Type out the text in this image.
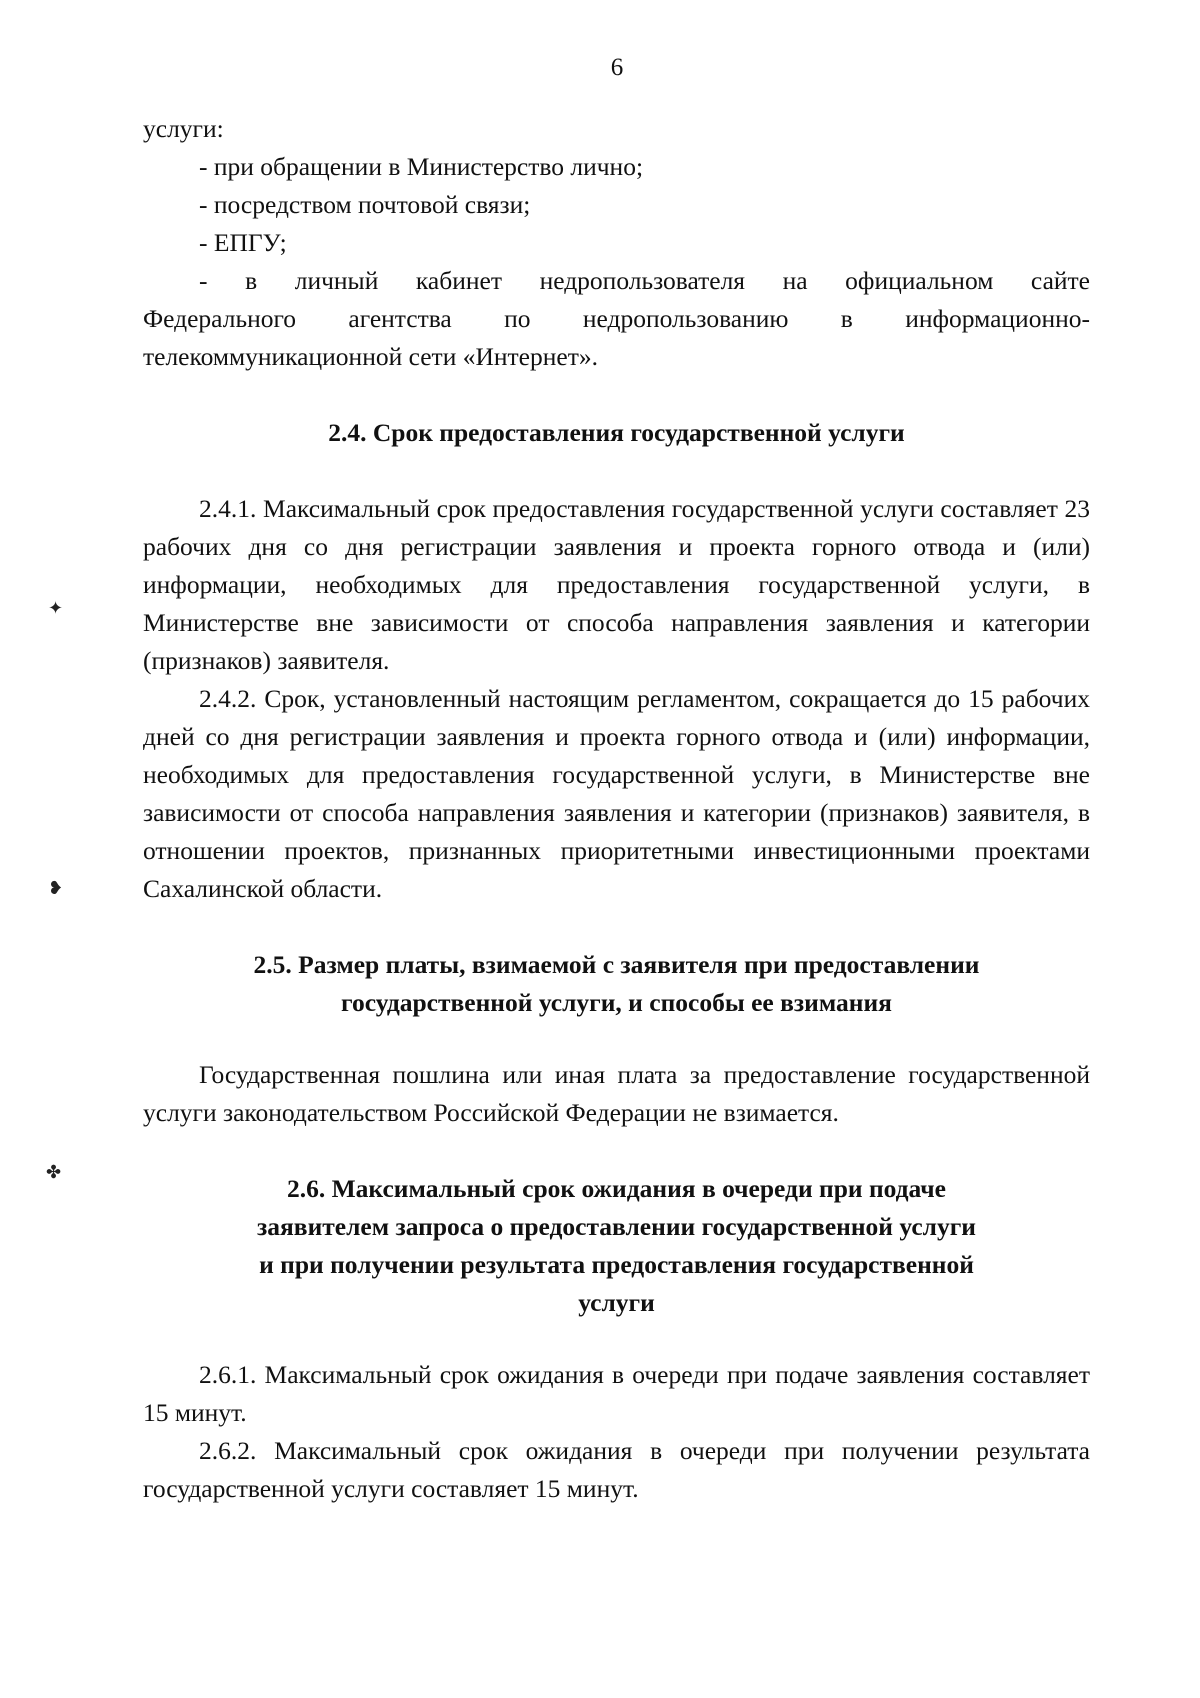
6

услуги:

- при обращении в Министерство лично;

- посредством почтовой связи;

- ЕПГУ;

- в личный кабинет недропользователя на официальном сайте

Федерального агентства по недропользованию в информационно-

телекоммуникационной сети «Интернет».

2.4. Срок предоставления государственной услуги

2.4.1. Максимальный срок предоставления государственной услуги составляет 23 рабочих дня со дня регистрации заявления и проекта горного отвода и (или) информации, необходимых для предоставления государственной услуги, в Министерстве вне зависимости от способа направления заявления и категории (признаков) заявителя.

2.4.2. Срок, установленный настоящим регламентом, сокращается до 15 рабочих дней со дня регистрации заявления и проекта горного отвода и (или) информации, необходимых для предоставления государственной услуги, в Министерстве вне зависимости от способа направления заявления и категории (признаков) заявителя, в отношении проектов, признанных приоритетными инвестиционными проектами Сахалинской области.

2.5. Размер платы, взимаемой с заявителя при предоставлении

государственной услуги, и способы ее взимания

Государственная пошлина или иная плата за предоставление государственной услуги законодательством Российской Федерации не взимается.

2.6. Максимальный срок ожидания в очереди при подаче

заявителем запроса о предоставлении государственной услуги

и при получении результата предоставления государственной

услуги

2.6.1. Максимальный срок ожидания в очереди при подаче заявления составляет 15 минут.

2.6.2. Максимальный срок ожидания в очереди при получении результата государственной услуги составляет 15 минут.

✦
❥
✤
